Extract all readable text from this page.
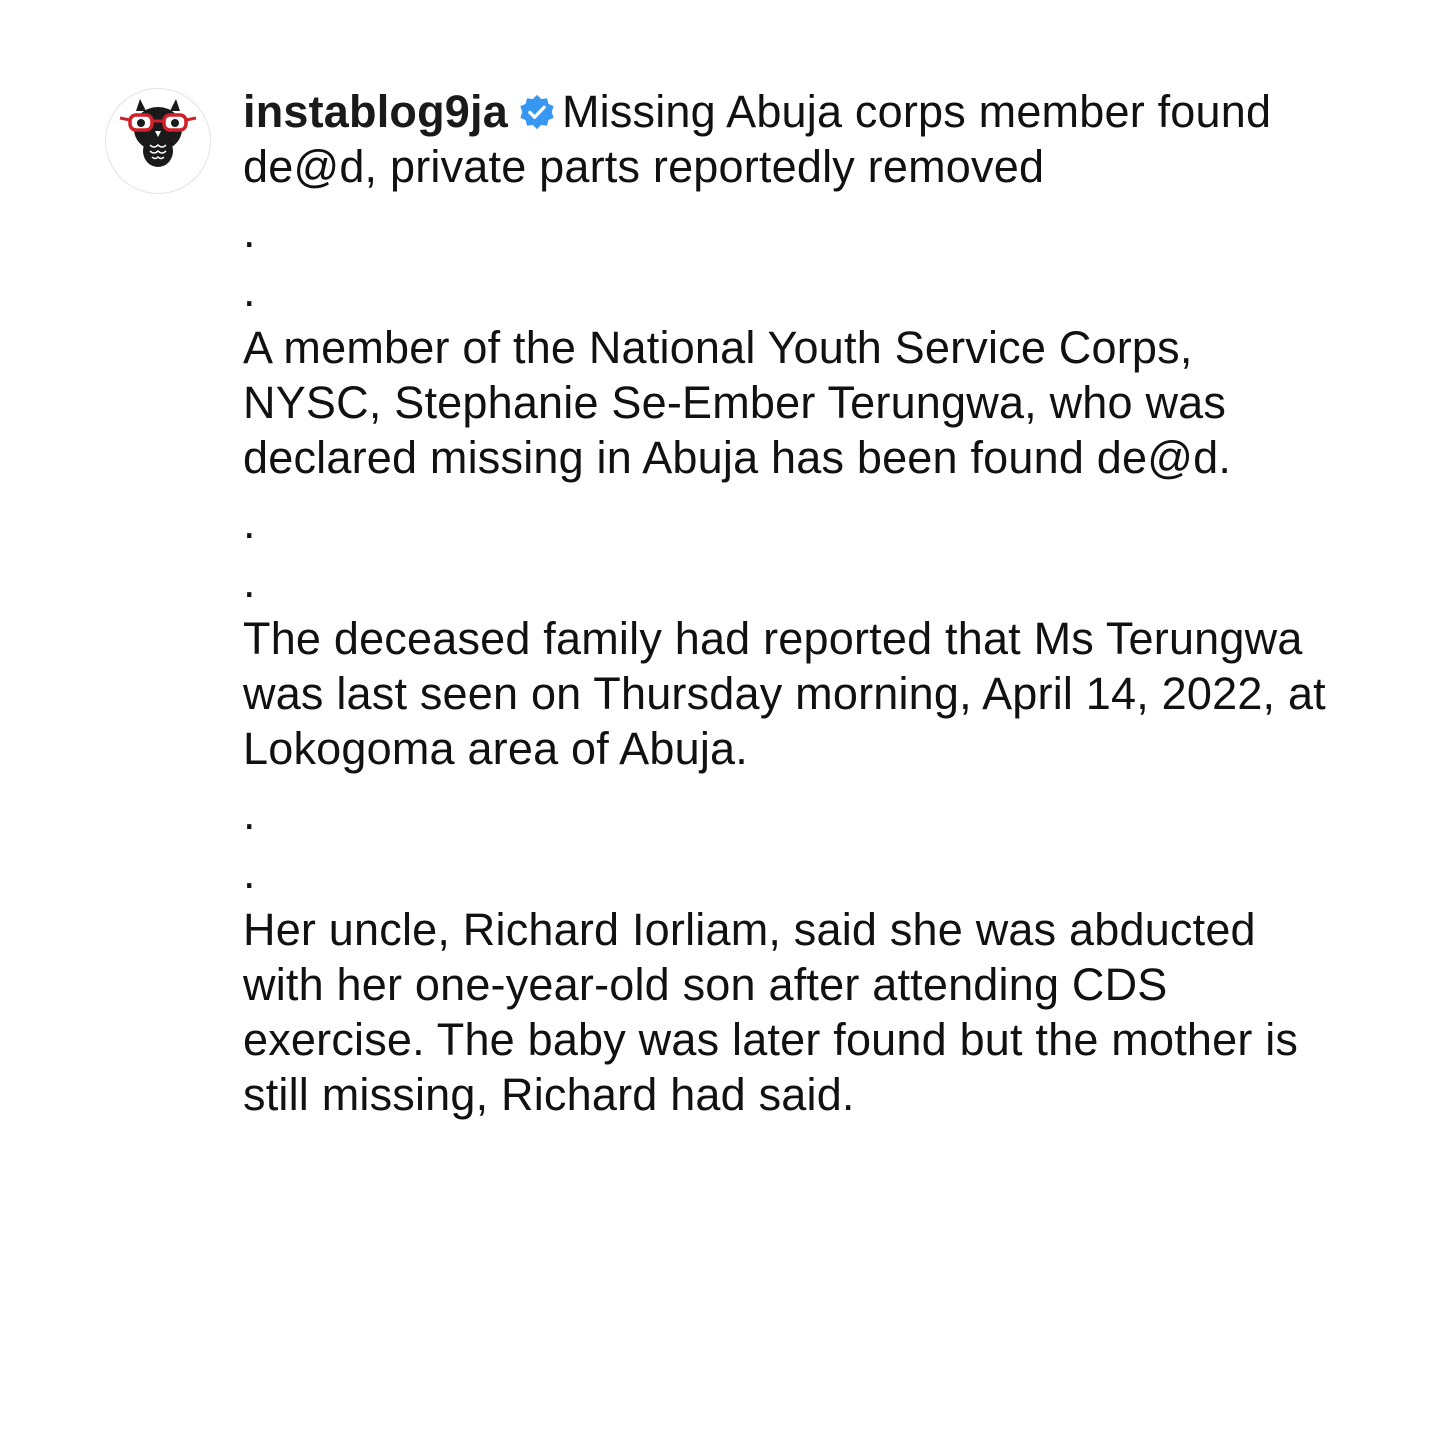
instablog9ja Missing Abuja corps member found de@d, private parts reportedly removed

.

.

A member of the National Youth Service Corps, NYSC, Stephanie Se-Ember Terungwa, who was declared missing in Abuja has been found de@d.

.

.

The deceased family had reported that Ms Terungwa was last seen on Thursday morning, April 14, 2022, at Lokogoma area of Abuja.

.

.

Her uncle, Richard Iorliam, said she was abducted with her one-year-old son after attending CDS exercise. The baby was later found but the mother is still missing, Richard had said.
